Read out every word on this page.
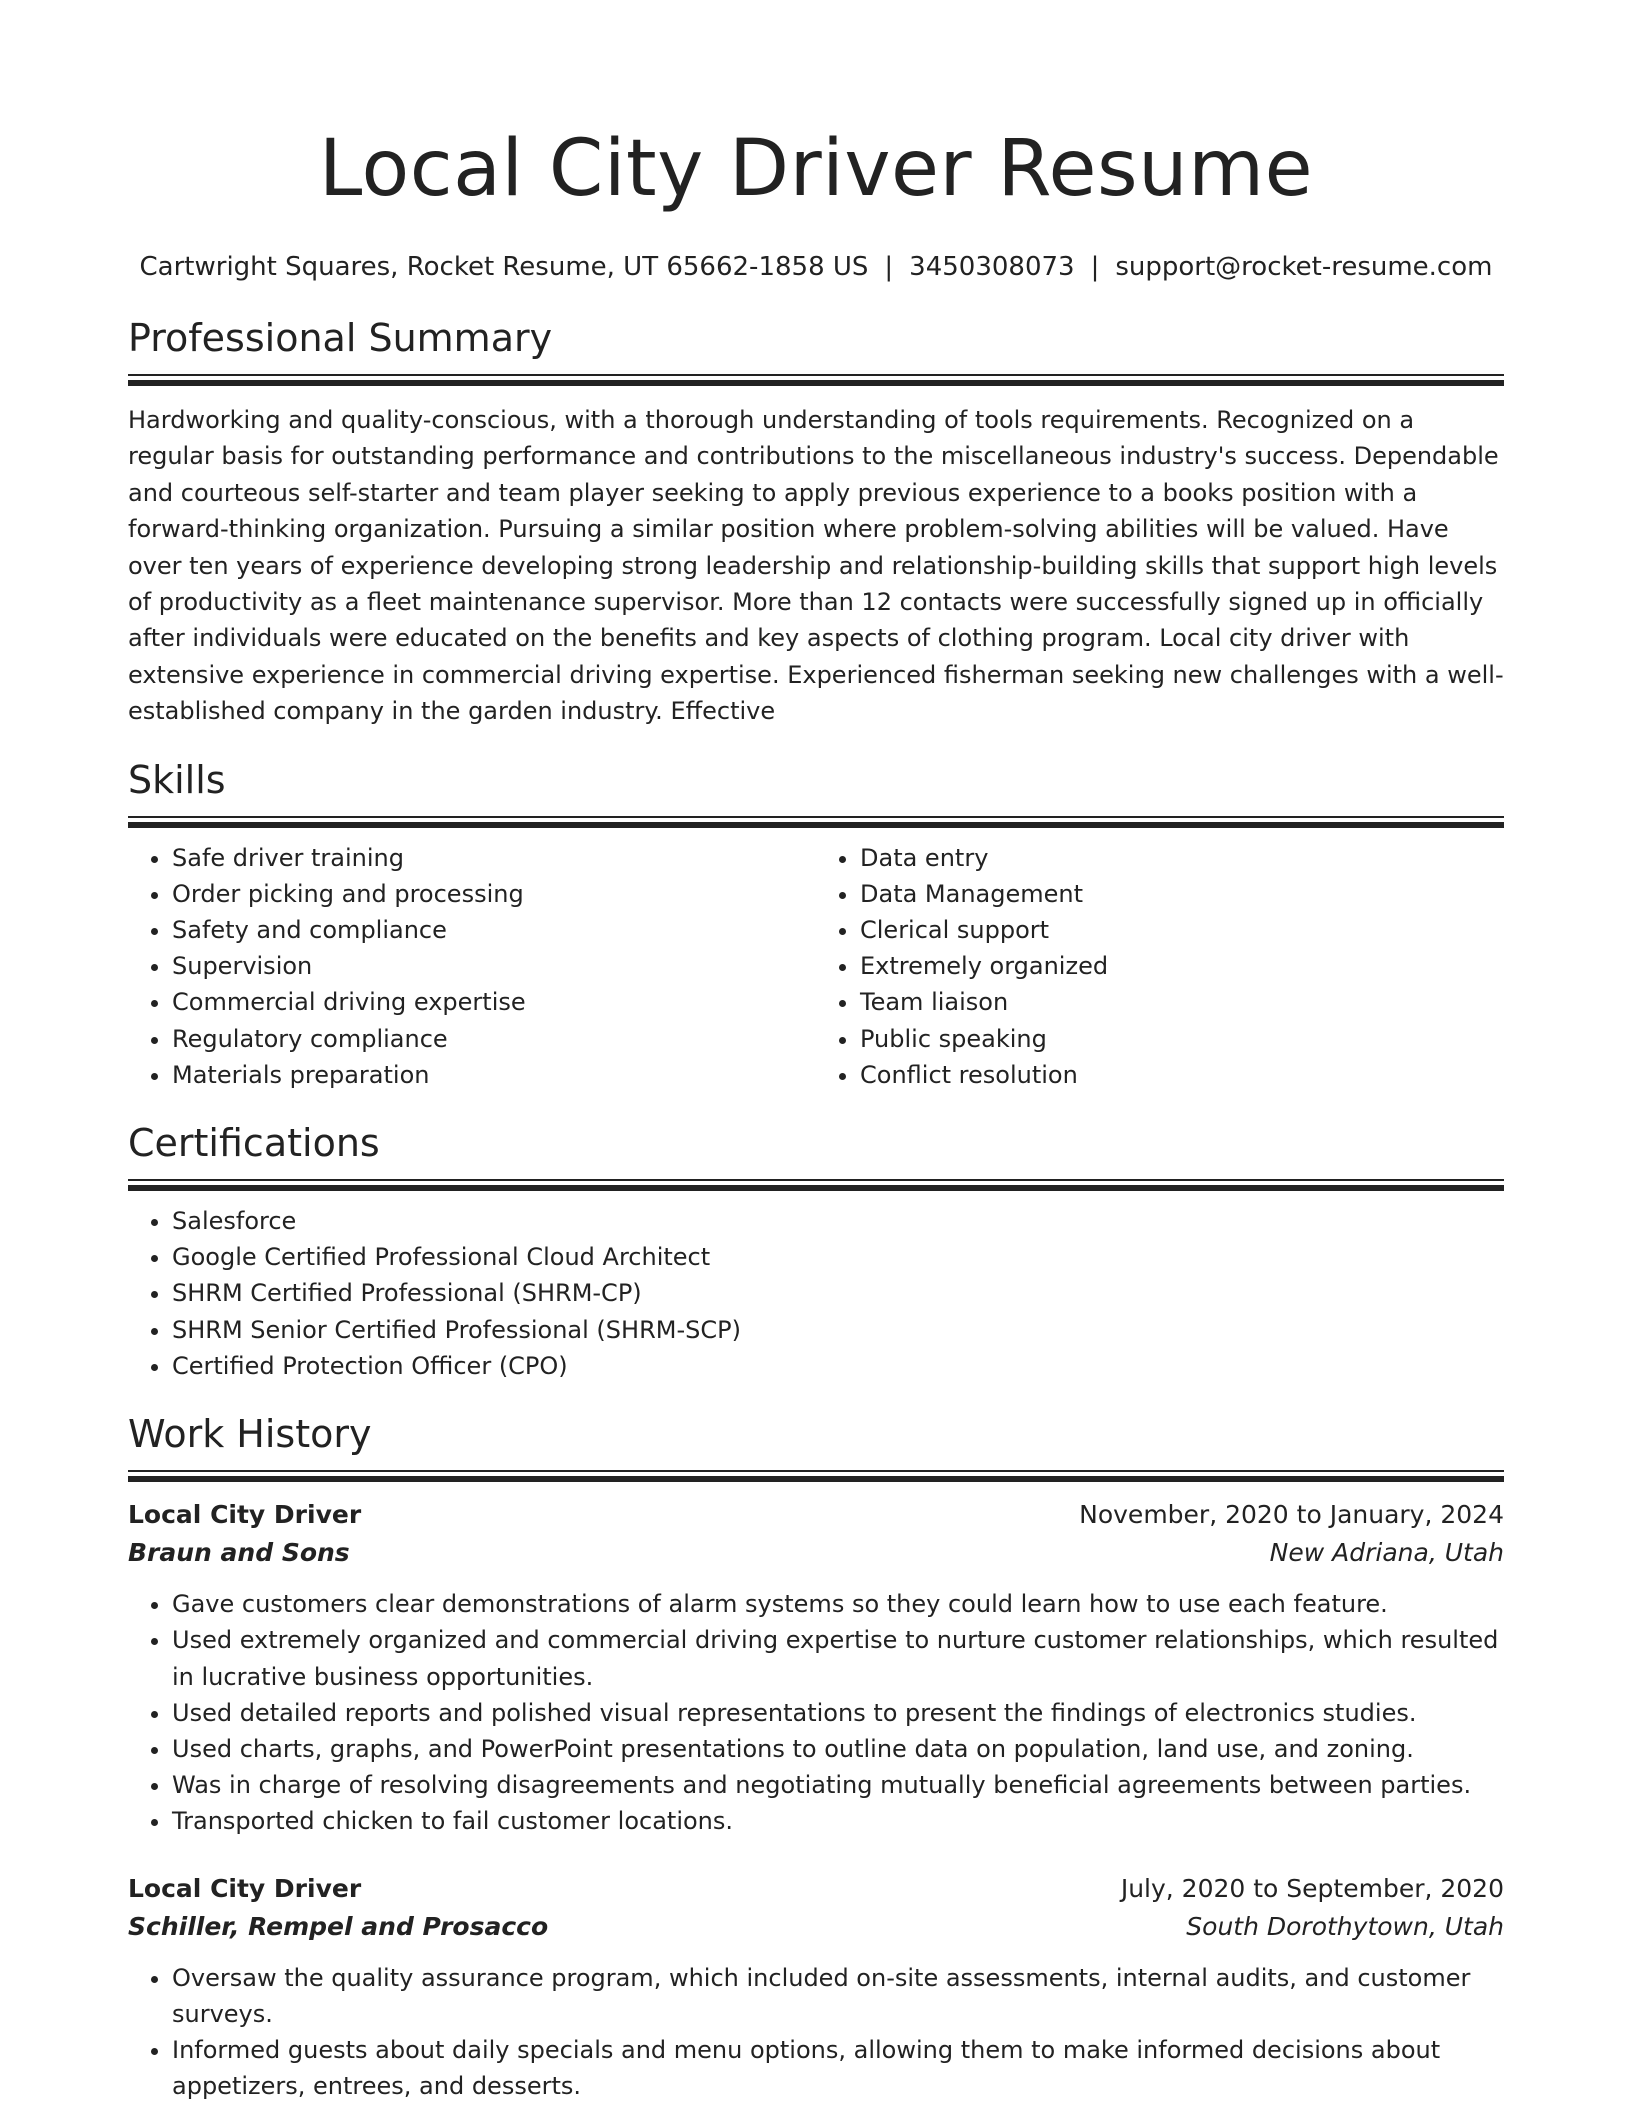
Local City Driver Resume
Cartwright Squares, Rocket Resume, UT 65662-1858 US | 3450308073 | support@rocket-resume.com
Professional Summary

Hardworking and quality-conscious, with a thorough understanding of tools requirements. Recognized on a regular basis for outstanding performance and contributions to the miscellaneous industry's success. Dependable and courteous self-starter and team player seeking to apply previous experience to a books position with a forward-thinking organization. Pursuing a similar position where problem-solving abilities will be valued. Have over ten years of experience developing strong leadership and relationship-building skills that support high levels of productivity as a fleet maintenance supervisor. More than 12 contacts were successfully signed up in officially after individuals were educated on the benefits and key aspects of clothing program. Local city driver with extensive experience in commercial driving expertise. Experienced fisherman seeking new challenges with a well-established company in the garden industry. Effective

Skills
• Safe driver training
• Order picking and processing
• Safety and compliance
• Supervision
• Commercial driving expertise
• Regulatory compliance
• Materials preparation
• Data entry
• Data Management
• Clerical support
• Extremely organized
• Team liaison
• Public speaking
• Conflict resolution
Certifications
• Salesforce
• Google Certified Professional Cloud Architect
• SHRM Certified Professional (SHRM-CP)
• SHRM Senior Certified Professional (SHRM-SCP)
• Certified Protection Officer (CPO)
Work History
Local City Driver	November, 2020 to January, 2024
Braun and Sons	New Adriana, Utah
• Gave customers clear demonstrations of alarm systems so they could learn how to use each feature.
• Used extremely organized and commercial driving expertise to nurture customer relationships, which resulted in lucrative business opportunities.
• Used detailed reports and polished visual representations to present the findings of electronics studies.
• Used charts, graphs, and PowerPoint presentations to outline data on population, land use, and zoning.
• Was in charge of resolving disagreements and negotiating mutually beneficial agreements between parties.
• Transported chicken to fail customer locations.
Local City Driver	July, 2020 to September, 2020
Schiller, Rempel and Prosacco	South Dorothytown, Utah
• Oversaw the quality assurance program, which included on-site assessments, internal audits, and customer surveys.
• Informed guests about daily specials and menu options, allowing them to make informed decisions about appetizers, entrees, and desserts.
